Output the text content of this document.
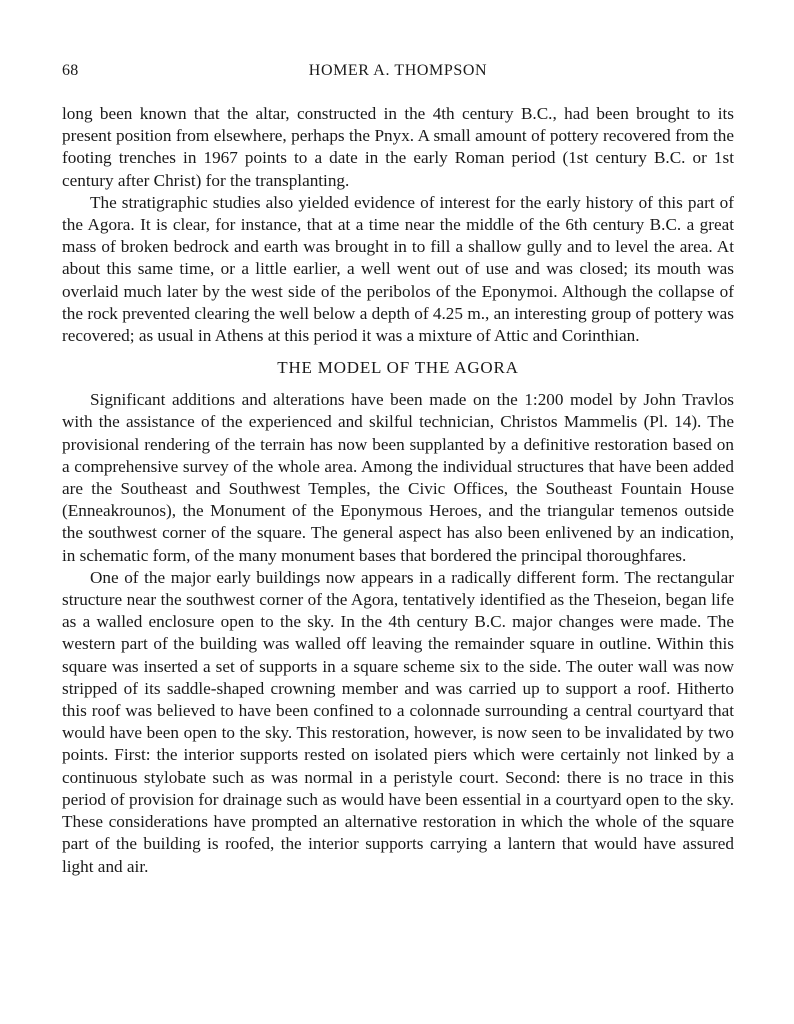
68	HOMER A. THOMPSON

long been known that the altar, constructed in the 4th century B.C., had been brought to its present position from elsewhere, perhaps the Pnyx. A small amount of pottery recovered from the footing trenches in 1967 points to a date in the early Roman period (1st century B.C. or 1st century after Christ) for the transplanting.

The stratigraphic studies also yielded evidence of interest for the early history of this part of the Agora. It is clear, for instance, that at a time near the middle of the 6th century B.C. a great mass of broken bedrock and earth was brought in to fill a shallow gully and to level the area. At about this same time, or a little earlier, a well went out of use and was closed; its mouth was overlaid much later by the west side of the peribolos of the Eponymoi. Although the collapse of the rock prevented clearing the well below a depth of 4.25 m., an interesting group of pottery was recovered; as usual in Athens at this period it was a mixture of Attic and Corinthian.

THE MODEL OF THE AGORA

Significant additions and alterations have been made on the 1:200 model by John Travlos with the assistance of the experienced and skilful technician, Christos Mammelis (Pl. 14). The provisional rendering of the terrain has now been supplanted by a definitive restoration based on a comprehensive survey of the whole area. Among the individual structures that have been added are the Southeast and Southwest Temples, the Civic Offices, the Southeast Fountain House (Enneakrounos), the Monument of the Eponymous Heroes, and the triangular temenos outside the southwest corner of the square. The general aspect has also been enlivened by an indication, in schematic form, of the many monument bases that bordered the principal thoroughfares.

One of the major early buildings now appears in a radically different form. The rectangular structure near the southwest corner of the Agora, tentatively identified as the Theseion, began life as a walled enclosure open to the sky. In the 4th century B.C. major changes were made. The western part of the building was walled off leaving the remainder square in outline. Within this square was inserted a set of supports in a square scheme six to the side. The outer wall was now stripped of its saddle-shaped crowning member and was carried up to support a roof. Hitherto this roof was believed to have been confined to a colonnade surrounding a central courtyard that would have been open to the sky. This restoration, however, is now seen to be invalidated by two points. First: the interior supports rested on isolated piers which were certainly not linked by a continuous stylobate such as was normal in a peristyle court. Second: there is no trace in this period of provision for drainage such as would have been essential in a courtyard open to the sky. These considerations have prompted an alternative restoration in which the whole of the square part of the building is roofed, the interior supports carrying a lantern that would have assured light and air.
